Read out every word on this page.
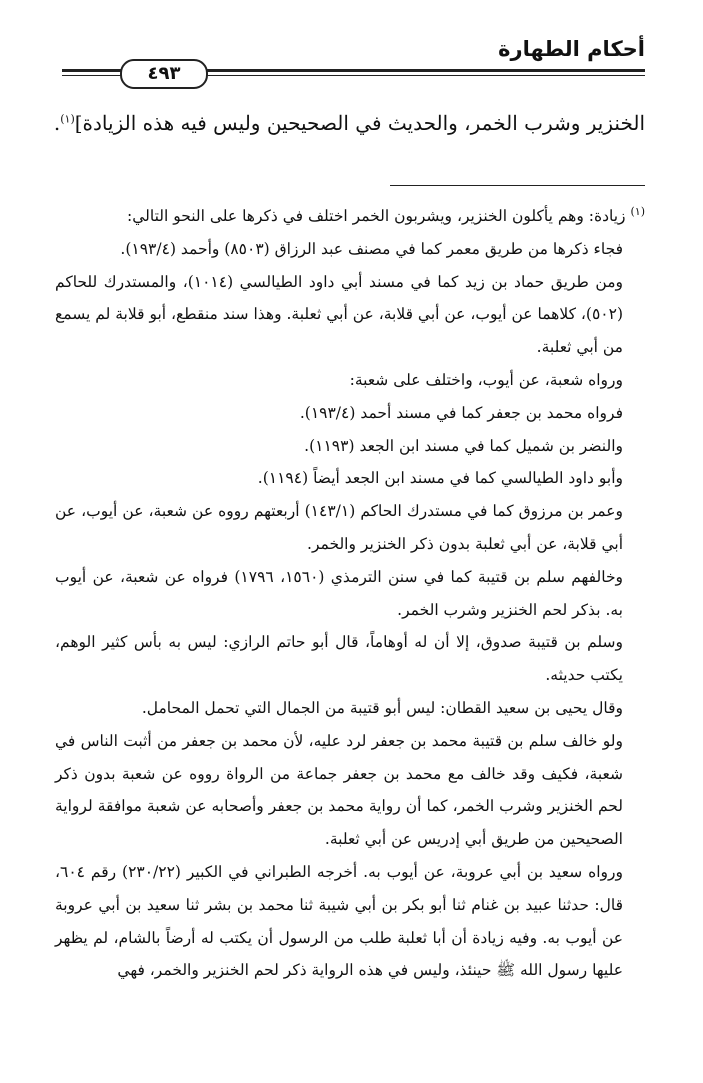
أحكام الطهارة
٤٩٣
الخنزير وشرب الخمر، والحديث في الصحيحين وليس فيه هذه الزيادة]$^{(١)}$.

$^{(١)}$ زيادة: وهم يأكلون الخنزير، ويشربون الخمر اختلف في ذكرها على النحو التالي:

فجاء ذكرها من طريق معمر كما في مصنف عبد الرزاق (٨٥٠٣) وأحمد (١٩٣/٤).

ومن طريق حماد بن زيد كما في مسند أبي داود الطيالسي (١٠١٤)، والمستدرك للحاكم (٥٠٢)، كلاهما عن أيوب، عن أبي قلابة، عن أبي ثعلبة. وهذا سند منقطع، أبو قلابة لم يسمع من أبي ثعلبة.

ورواه شعبة، عن أيوب، واختلف على شعبة:

فرواه محمد بن جعفر كما في مسند أحمد (١٩٣/٤).

والنضر بن شميل كما في مسند ابن الجعد (١١٩٣).

وأبو داود الطيالسي كما في مسند ابن الجعد أيضاً (١١٩٤).

وعمر بن مرزوق كما في مستدرك الحاكم (١٤٣/١) أربعتهم رووه عن شعبة، عن أيوب، عن أبي قلابة، عن أبي ثعلبة بدون ذكر الخنزير والخمر.

وخالفهم سلم بن قتيبة كما في سنن الترمذي (١٥٦٠، ١٧٩٦) فرواه عن شعبة، عن أيوب به. بذكر لحم الخنزير وشرب الخمر.

وسلم بن قتيبة صدوق، إلا أن له أوهاماً، قال أبو حاتم الرازي: ليس به بأس كثير الوهم، يكتب حديثه.

وقال يحيى بن سعيد القطان: ليس أبو قتيبة من الجمال التي تحمل المحامل.

ولو خالف سلم بن قتيبة محمد بن جعفر لرد عليه، لأن محمد بن جعفر من أثبت الناس في شعبة، فكيف وقد خالف مع محمد بن جعفر جماعة من الرواة رووه عن شعبة بدون ذكر لحم الخنزير وشرب الخمر، كما أن رواية محمد بن جعفر وأصحابه عن شعبة موافقة لرواية الصحيحين من طريق أبي إدريس عن أبي ثعلبة.

ورواه سعيد بن أبي عروبة، عن أيوب به. أخرجه الطبراني في الكبير (٢٣٠/٢٢) رقم ٦٠٤، قال: حدثنا عبيد بن غنام ثنا أبو بكر بن أبي شيبة ثنا محمد بن بشر ثنا سعيد بن أبي عروبة عن أيوب به. وفيه زيادة أن أبا ثعلبة طلب من الرسول أن يكتب له أرضاً بالشام، لم يظهر عليها رسول الله ﷺ حينئذ، وليس في هذه الرواية ذكر لحم الخنزير والخمر، فهي
